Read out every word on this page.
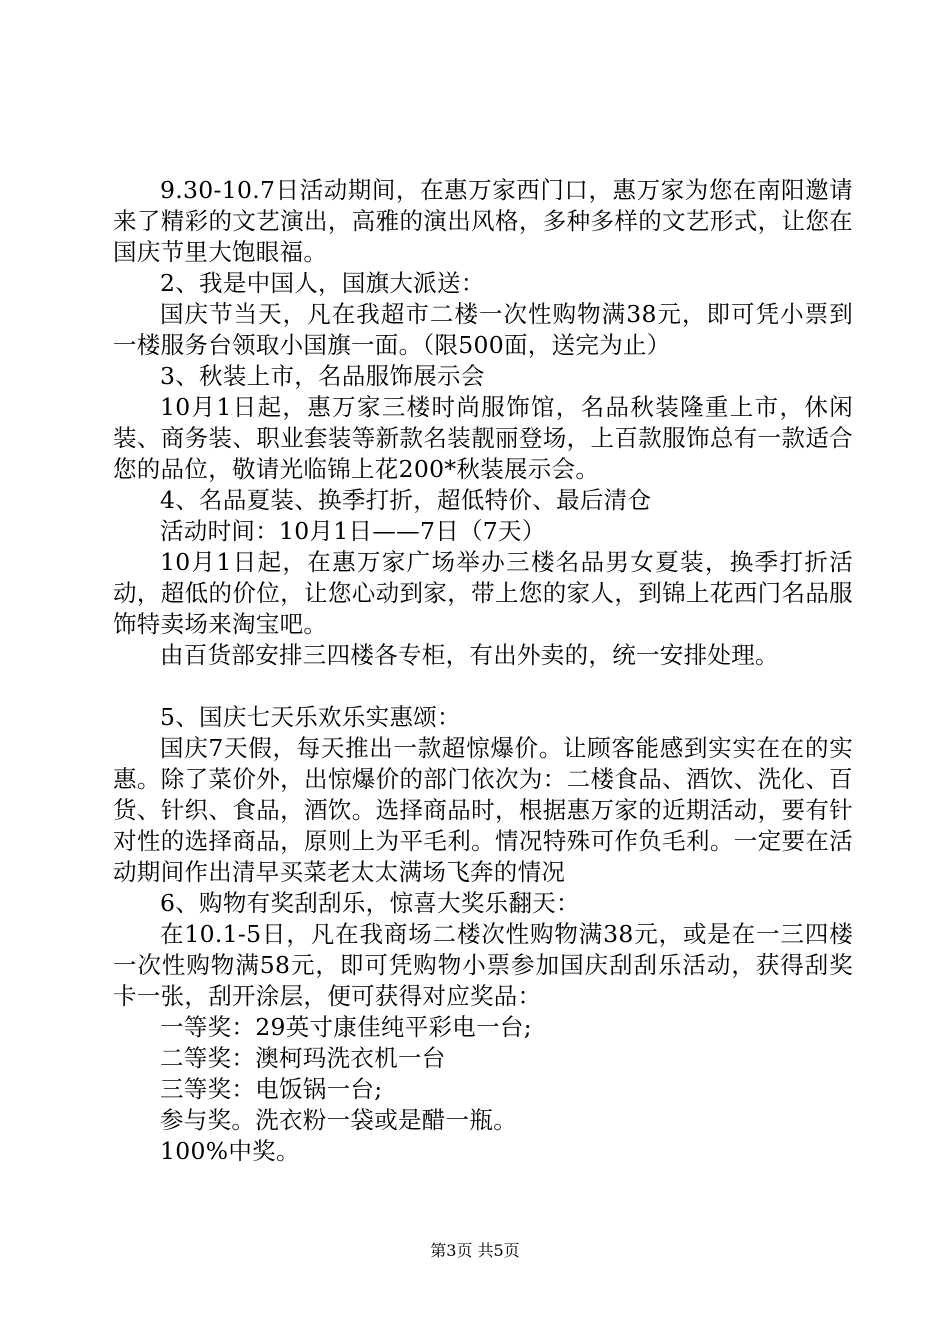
9.30-10.7日活动期间，在惠万家西门口，惠万家为您在南阳邀请来了精彩的文艺演出，高雅的演出风格，多种多样的文艺形式，让您在国庆节里大饱眼福。

2、我是中国人，国旗大派送：

国庆节当天，凡在我超市二楼一次性购物满38元，即可凭小票到一楼服务台领取小国旗一面。（限500面，送完为止）

3、秋装上市，名品服饰展示会

10月1日起，惠万家三楼时尚服饰馆，名品秋装隆重上市，休闲装、商务装、职业套装等新款名装靓丽登场，上百款服饰总有一款适合您的品位，敬请光临锦上花200*秋装展示会。

4、名品夏装、换季打折，超低特价、最后清仓

活动时间：10月1日——7日（7天）

10月1日起，在惠万家广场举办三楼名品男女夏装，换季打折活动，超低的价位，让您心动到家，带上您的家人，到锦上花西门名品服饰特卖场来淘宝吧。

由百货部安排三四楼各专柜，有出外卖的，统一安排处理。

5、国庆七天乐欢乐实惠颂：

国庆7天假，每天推出一款超惊爆价。让顾客能感到实实在在的实惠。除了菜价外，出惊爆价的部门依次为：二楼食品、酒饮、洗化、百货、针织、食品，酒饮。选择商品时，根据惠万家的近期活动，要有针对性的选择商品，原则上为平毛利。情况特殊可作负毛利。一定要在活动期间作出清早买菜老太太满场飞奔的情况

6、购物有奖刮刮乐，惊喜大奖乐翻天：

在10.1-5日，凡在我商场二楼次性购物满38元，或是在一三四楼一次性购物满58元，即可凭购物小票参加国庆刮刮乐活动，获得刮奖卡一张，刮开涂层，便可获得对应奖品：

一等奖：29英寸康佳纯平彩电一台;

二等奖：澳柯玛洗衣机一台

三等奖：电饭锅一台;

参与奖。洗衣粉一袋或是醋一瓶。

100%中奖。

第3页 共5页
